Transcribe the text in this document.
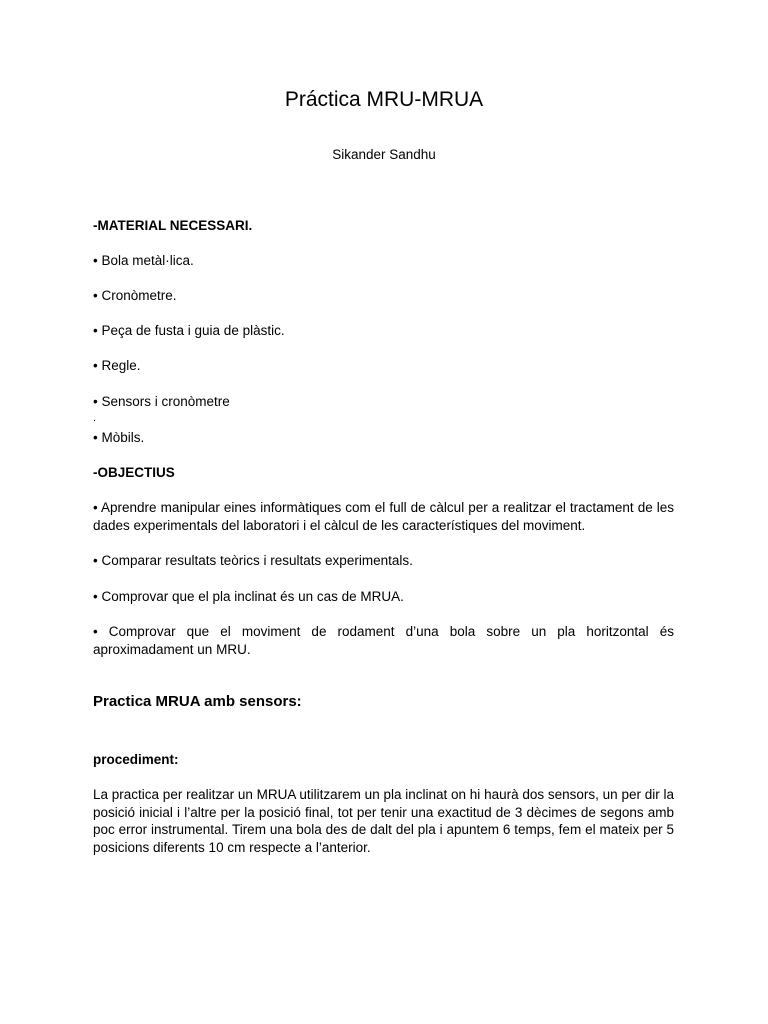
Práctica MRU-MRUA
Sikander Sandhu
-MATERIAL NECESSARI.
• Bola metàl·lica.
• Cronòmetre.
• Peça de fusta i guia de plàstic.
• Regle.
• Sensors i cronòmetre
.
• Mòbils.
-OBJECTIUS
• Aprendre manipular eines informàtiques com el full de càlcul per a realitzar el tractament de les dades experimentals del laboratori i el càlcul de les característiques del moviment.
• Comparar resultats teòrics i resultats experimentals.
• Comprovar que el pla inclinat és un cas de MRUA.
• Comprovar que el moviment de rodament d’una bola sobre un pla horitzontal és aproximadament un MRU.
Practica MRUA amb sensors:
procediment:
La practica per realitzar un MRUA utilitzarem un pla inclinat on hi haurà dos sensors, un per dir la posició inicial i l’altre per la posició final, tot per tenir una exactitud de 3 dècimes de segons amb poc error instrumental. Tirem una bola des de dalt del pla i apuntem 6 temps, fem el mateix per 5 posicions diferents 10 cm respecte a l’anterior.
